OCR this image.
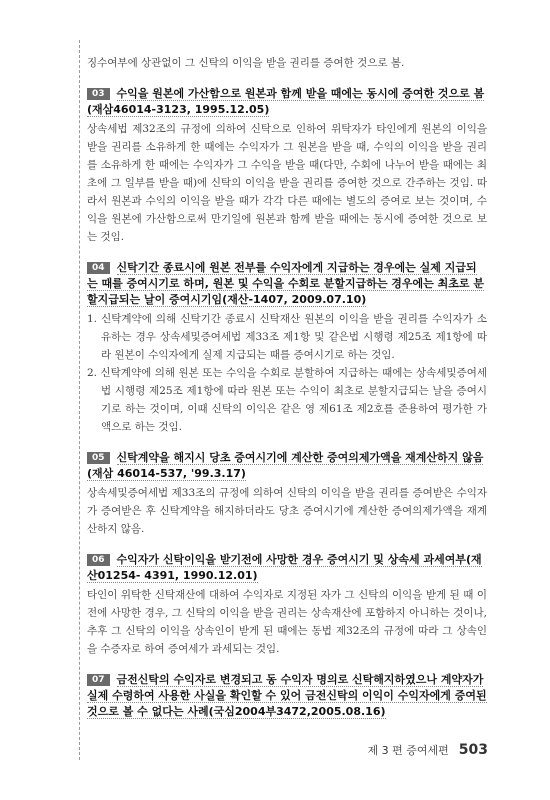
징수여부에 상관없이 그 신탁의 이익을 받을 권리를 증여한 것으로 봄.

03 수익을 원본에 가산함으로 원본과 함께 받을 때에는 동시에 증여한 것으로 봄(재삼46014-3123, 1995.12.05)

상속세법 제32조의 규정에 의하여 신탁으로 인하여 위탁자가 타인에게 원본의 이익을 받을 권리를 소유하게 한 때에는 수익자가 그 원본을 받을 때, 수익의 이익을 받을 권리를 소유하게 한 때에는 수익자가 그 수익을 받을 때(다만, 수회에 나누어 받을 때에는 최초에 그 일부를 받을 때)에 신탁의 이익을 받을 권리를 증여한 것으로 간주하는 것임. 따라서 원본과 수익의 이익을 받을 때가 각각 다른 때에는 별도의 증여로 보는 것이며, 수익을 원본에 가산함으로써 만기일에 원본과 함께 받을 때에는 동시에 증여한 것으로 보는 것임.

04 신탁기간 종료시에 원본 전부를 수익자에게 지급하는 경우에는 실제 지급되는 때를 증여시기로 하며, 원본 및 수익을 수회로 분할지급하는 경우에는 최초로 분할지급되는 날이 증여시기임(재산-1407, 2009.07.10)

1. 신탁계약에 의해 신탁기간 종료시 신탁재산 원본의 이익을 받을 권리를 수익자가 소유하는 경우 상속세및증여세법 제33조 제1항 및 같은법 시행령 제25조 제1항에 따라 원본이 수익자에게 실제 지급되는 때를 증여시기로 하는 것임.
2. 신탁계약에 의해 원본 또는 수익을 수회로 분할하여 지급하는 때에는 상속세및증여세법 시행령 제25조 제1항에 따라 원본 또는 수익이 최초로 분할지급되는 날을 증여시기로 하는 것이며, 이때 신탁의 이익은 같은 영 제61조 제2호를 준용하여 평가한 가액으로 하는 것임.

05 신탁계약을 해지시 당초 증여시기에 계산한 증여의제가액을 재계산하지 않음(재삼 46014-537, '99.3.17)

상속세및증여세법 제33조의 규정에 의하여 신탁의 이익을 받을 권리를 증여받은 수익자가 증여받은 후 신탁계약을 해지하더라도 당초 증여시기에 계산한 증여의제가액을 재계산하지 않음.

06 수익자가 신탁이익을 받기전에 사망한 경우 증여시기 및 상속세 과세여부(재산01254- 4391, 1990.12.01)

타인이 위탁한 신탁재산에 대하여 수익자로 지정된 자가 그 신탁의 이익을 받게 된 때 이전에 사망한 경우, 그 신탁의 이익을 받을 권리는 상속재산에 포함하지 아니하는 것이나, 추후 그 신탁의 이익을 상속인이 받게 된 때에는 동법 제32조의 규정에 따라 그 상속인을 수증자로 하여 증여세가 과세되는 것임.

07 금전신탁의 수익자로 변경되고 동 수익자 명의로 신탁해지하였으나 계약자가 실제 수령하여 사용한 사실을 확인할 수 있어 금전신탁의 이익이 수익자에게 증여된 것으로 볼 수 없다는 사례(국심2004부3472,2005.08.16)

제 3 편 증여세편 503
